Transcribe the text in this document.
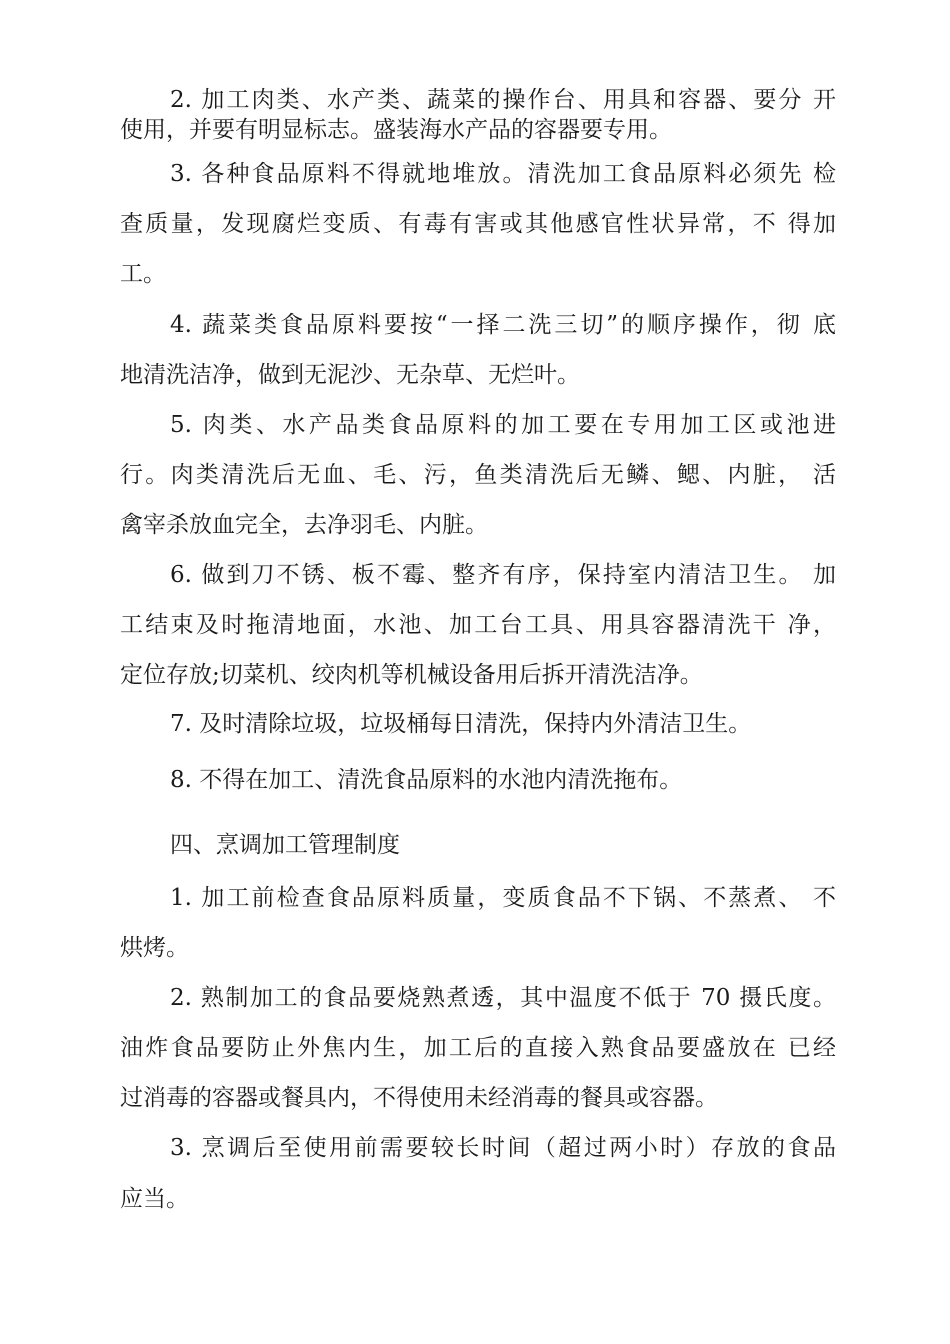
2. 加工肉类、水产类、蔬菜的操作台、用具和容器、要分 开
使用，并要有明显标志。盛装海水产品的容器要专用。
3. 各种食品原料不得就地堆放。清洗加工食品原料必须先 检
查质量，发现腐烂变质、有毒有害或其他感官性状异常，不 得加
工。
4. 蔬菜类食品原料要按“一择二洗三切”的顺序操作，彻 底
地清洗洁净，做到无泥沙、无杂草、无烂叶。
5. 肉类、水产品类食品原料的加工要在专用加工区或池进
行。肉类清洗后无血、毛、污，鱼类清洗后无鳞、鳃、内脏， 活
禽宰杀放血完全，去净羽毛、内脏。
6. 做到刀不锈、板不霉、整齐有序，保持室内清洁卫生。 加
工结束及时拖清地面，水池、加工台工具、用具容器清洗干 净，
定位存放;切菜机、绞肉机等机械设备用后拆开清洗洁净。
7. 及时清除垃圾，垃圾桶每日清洗，保持内外清洁卫生。
8. 不得在加工、清洗食品原料的水池内清洗拖布。
四、烹调加工管理制度
1. 加工前检查食品原料质量，变质食品不下锅、不蒸煮、 不
烘烤。
2. 熟制加工的食品要烧熟煮透，其中温度不低于 70 摄氏度。
油炸食品要防止外焦内生，加工后的直接入熟食品要盛放在 已经
过消毒的容器或餐具内，不得使用未经消毒的餐具或容器。
3. 烹调后至使用前需要较长时间（超过两小时）存放的食品
应当。
